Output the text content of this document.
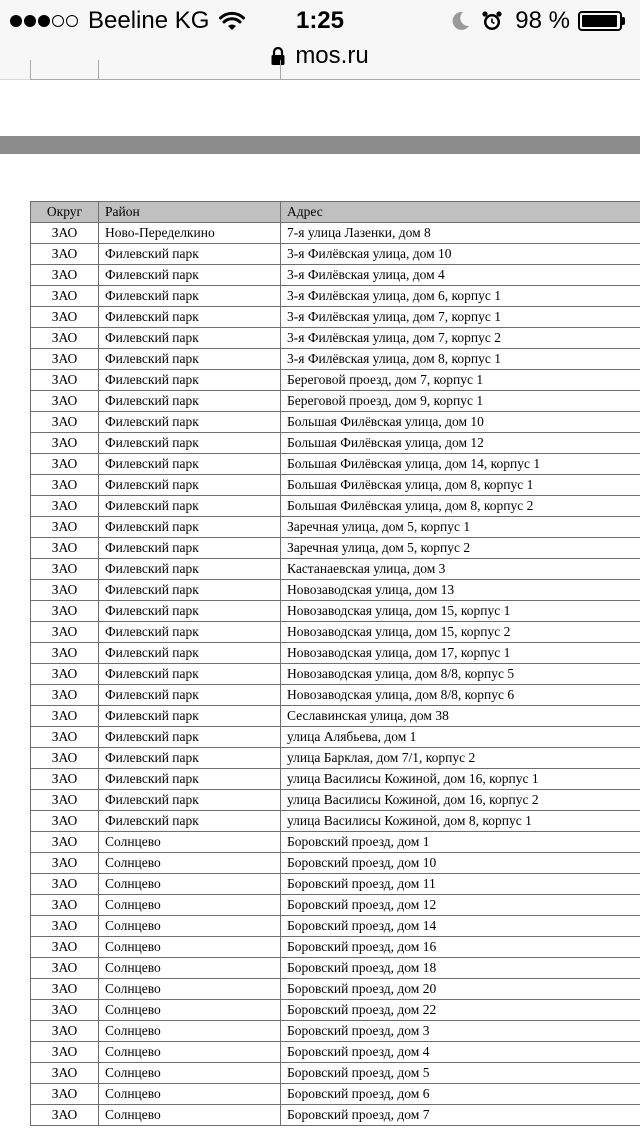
Beeline KG	1:25	98 %
mos.ru
Округ	Район	Адрес
ЗАО	Ново-Переделкино	7-я улица Лазенки, дом 8
ЗАО	Филевский парк	3-я Филёвская улица, дом 10
ЗАО	Филевский парк	3-я Филёвская улица, дом 4
ЗАО	Филевский парк	3-я Филёвская улица, дом 6, корпус 1
ЗАО	Филевский парк	3-я Филёвская улица, дом 7, корпус 1
ЗАО	Филевский парк	3-я Филёвская улица, дом 7, корпус 2
ЗАО	Филевский парк	3-я Филёвская улица, дом 8, корпус 1
ЗАО	Филевский парк	Береговой проезд, дом 7, корпус 1
ЗАО	Филевский парк	Береговой проезд, дом 9, корпус 1
ЗАО	Филевский парк	Большая Филёвская улица, дом 10
ЗАО	Филевский парк	Большая Филёвская улица, дом 12
ЗАО	Филевский парк	Большая Филёвская улица, дом 14, корпус 1
ЗАО	Филевский парк	Большая Филёвская улица, дом 8, корпус 1
ЗАО	Филевский парк	Большая Филёвская улица, дом 8, корпус 2
ЗАО	Филевский парк	Заречная улица, дом 5, корпус 1
ЗАО	Филевский парк	Заречная улица, дом 5, корпус 2
ЗАО	Филевский парк	Кастанаевская улица, дом 3
ЗАО	Филевский парк	Новозаводская улица, дом 13
ЗАО	Филевский парк	Новозаводская улица, дом 15, корпус 1
ЗАО	Филевский парк	Новозаводская улица, дом 15, корпус 2
ЗАО	Филевский парк	Новозаводская улица, дом 17, корпус 1
ЗАО	Филевский парк	Новозаводская улица, дом 8/8, корпус 5
ЗАО	Филевский парк	Новозаводская улица, дом 8/8, корпус 6
ЗАО	Филевский парк	Сеславинская улица, дом 38
ЗАО	Филевский парк	улица Алябьева, дом 1
ЗАО	Филевский парк	улица Барклая, дом 7/1, корпус 2
ЗАО	Филевский парк	улица Василисы Кожиной, дом 16, корпус 1
ЗАО	Филевский парк	улица Василисы Кожиной, дом 16, корпус 2
ЗАО	Филевский парк	улица Василисы Кожиной, дом 8, корпус 1
ЗАО	Солнцево	Боровский проезд, дом 1
ЗАО	Солнцево	Боровский проезд, дом 10
ЗАО	Солнцево	Боровский проезд, дом 11
ЗАО	Солнцево	Боровский проезд, дом 12
ЗАО	Солнцево	Боровский проезд, дом 14
ЗАО	Солнцево	Боровский проезд, дом 16
ЗАО	Солнцево	Боровский проезд, дом 18
ЗАО	Солнцево	Боровский проезд, дом 20
ЗАО	Солнцево	Боровский проезд, дом 22
ЗАО	Солнцево	Боровский проезд, дом 3
ЗАО	Солнцево	Боровский проезд, дом 4
ЗАО	Солнцево	Боровский проезд, дом 5
ЗАО	Солнцево	Боровский проезд, дом 6
ЗАО	Солнцево	Боровский проезд, дом 7
